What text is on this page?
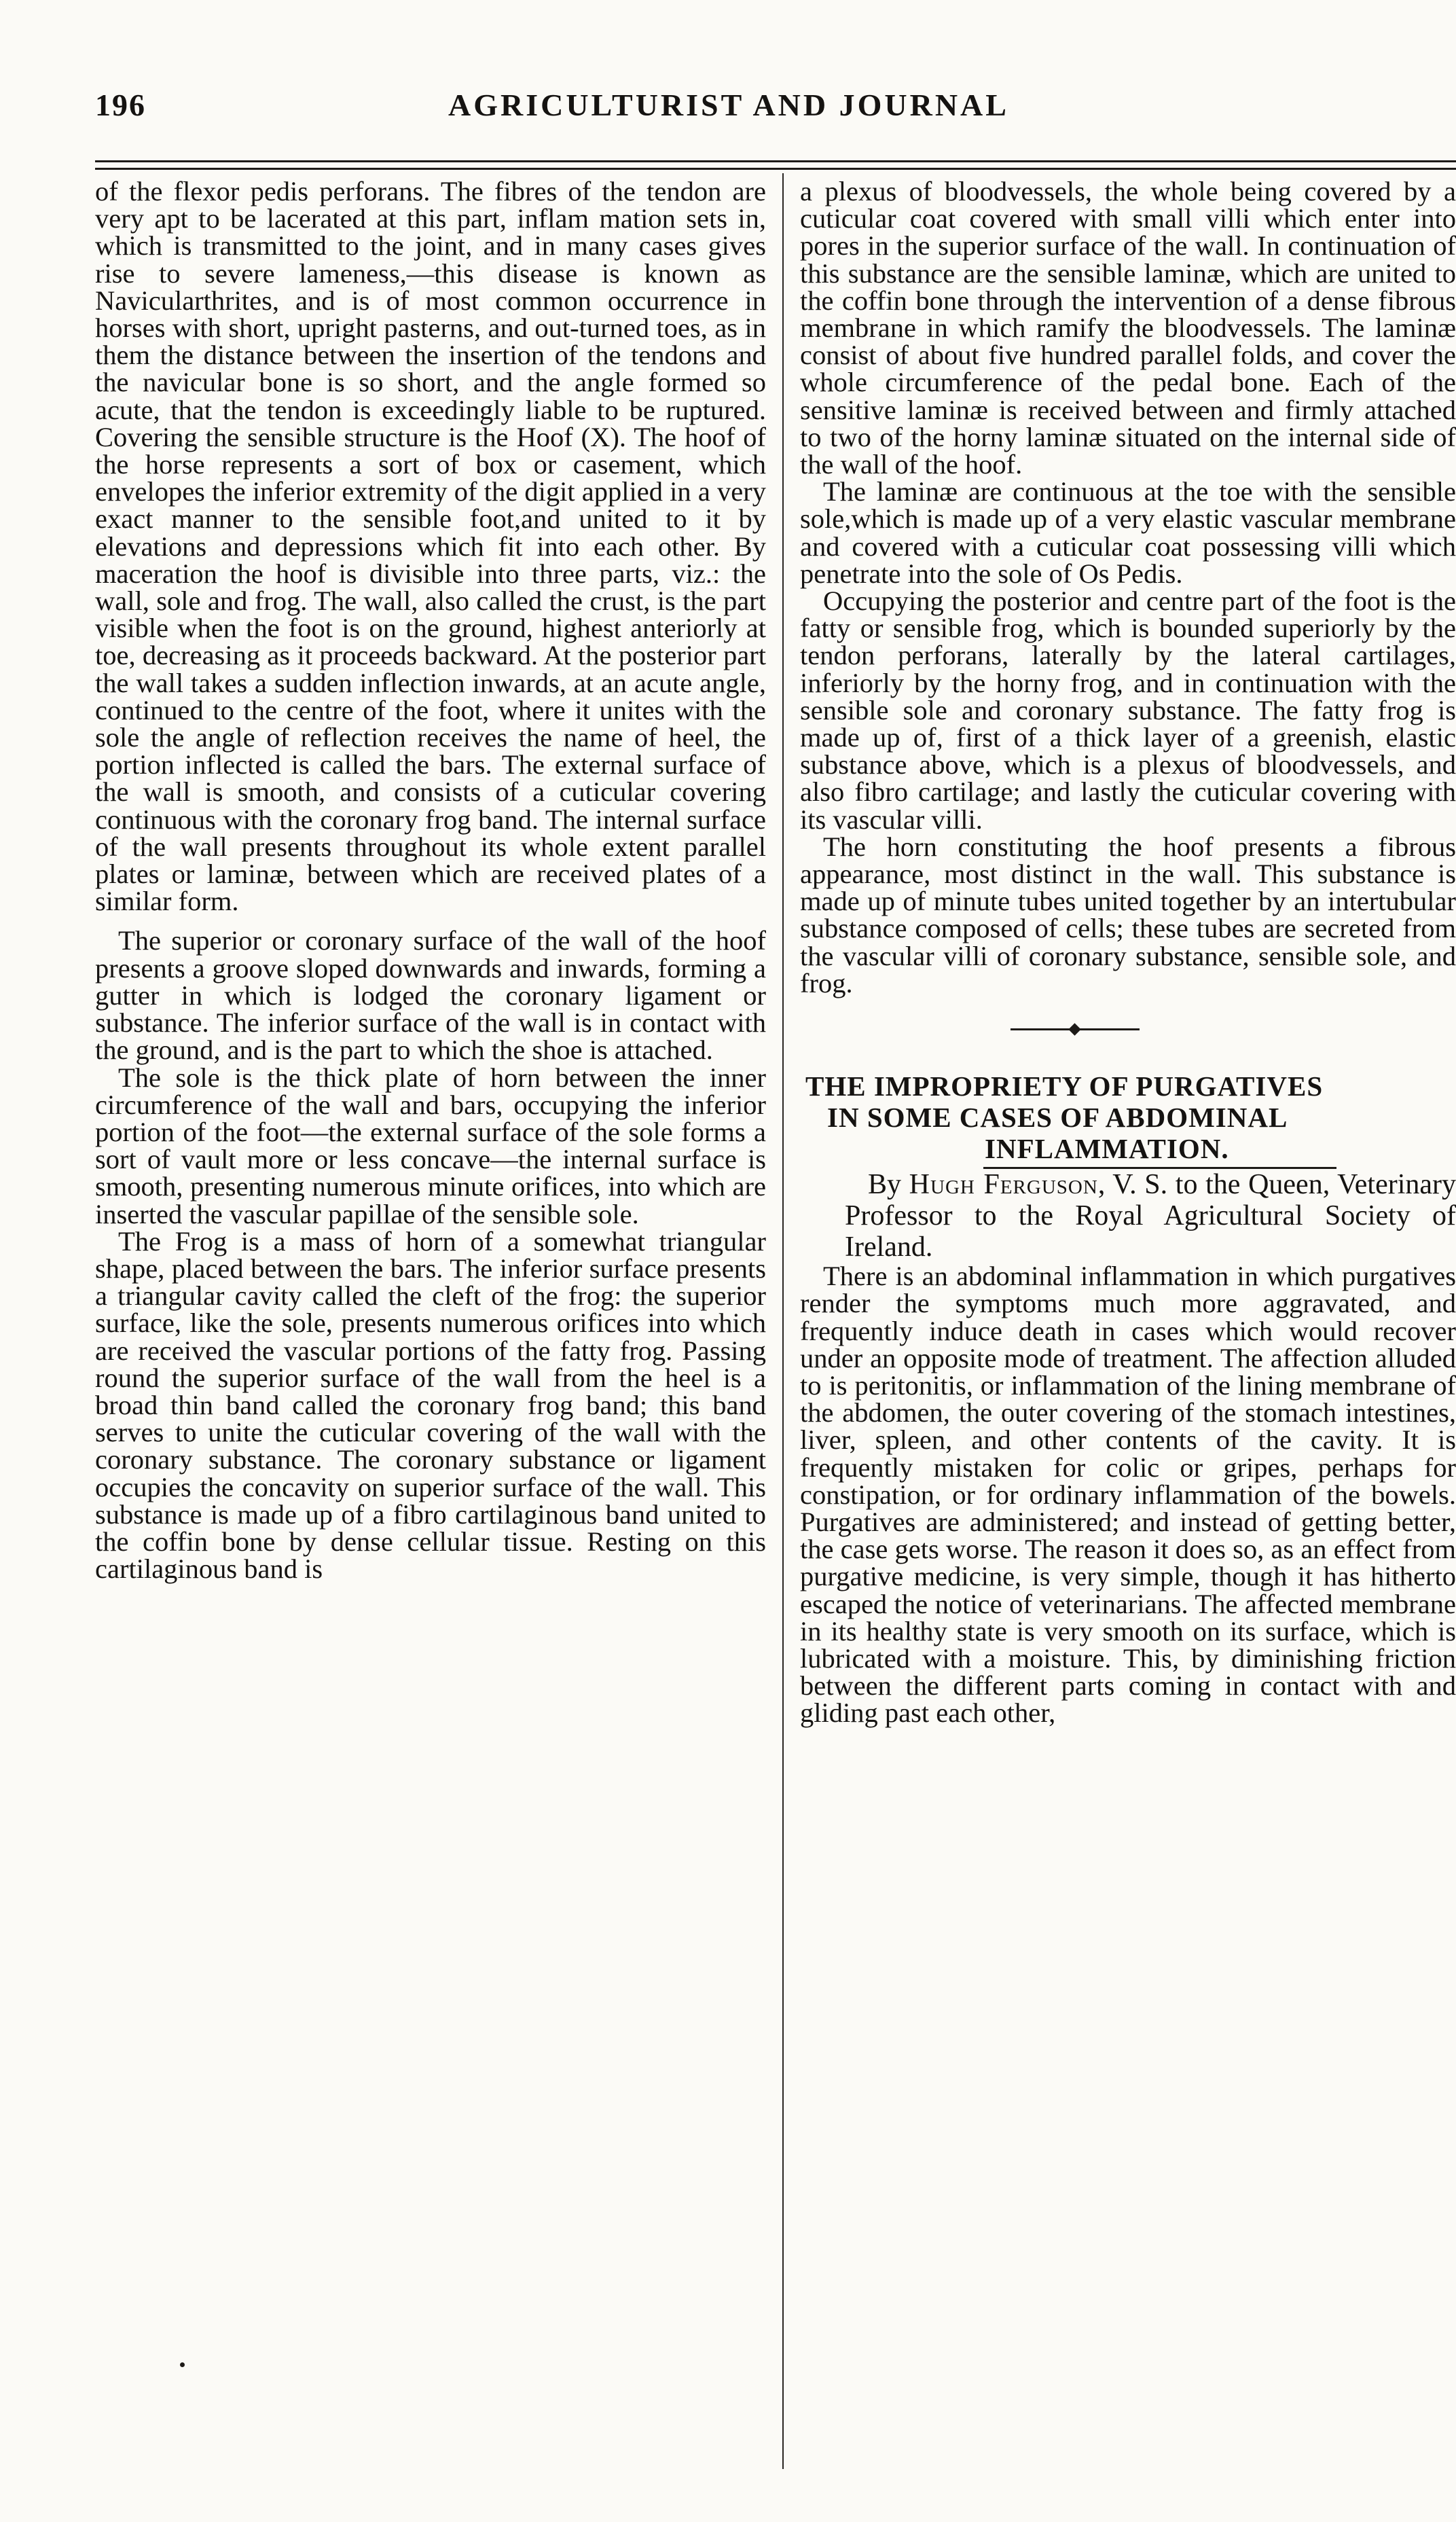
196	AGRICULTURIST AND JOURNAL

of the flexor pedis perforans. The fibres of the tendon are very apt to be lacerated at this part, inflam mation sets in, which is transmitted to the joint, and in many cases gives rise to severe lameness,—this disease is known as Navicularthrites, and is of most common occurrence in horses with short, upright pasterns, and out-turned toes, as in them the distance between the insertion of the tendons and the navicular bone is so short, and the angle formed so acute, that the tendon is exceedingly liable to be ruptured. Covering the sensible structure is the Hoof (X). The hoof of the horse represents a sort of box or casement, which envelopes the inferior extremity of the digit applied in a very exact manner to the sensible foot,and united to it by elevations and depressions which fit into each other. By maceration the hoof is divisible into three parts, viz.: the wall, sole and frog. The wall, also called the crust, is the part visible when the foot is on the ground, highest anteriorly at toe, decreasing as it proceeds backward. At the posterior part the wall takes a sudden inflection inwards, at an acute angle, continued to the centre of the foot, where it unites with the sole the angle of reflection receives the name of heel, the portion inflected is called the bars. The external surface of the wall is smooth, and consists of a cuticular covering continuous with the coronary frog band. The internal surface of the wall presents throughout its whole extent parallel plates or laminæ, between which are received plates of a similar form.

The superior or coronary surface of the wall of the hoof presents a groove sloped downwards and inwards, forming a gutter in which is lodged the coronary ligament or substance. The inferior surface of the wall is in contact with the ground, and is the part to which the shoe is attached.

The sole is the thick plate of horn between the inner circumference of the wall and bars, occupying the inferior portion of the foot—the external surface of the sole forms a sort of vault more or less concave—the internal surface is smooth, presenting numerous minute orifices, into which are inserted the vascular papillae of the sensible sole.

The Frog is a mass of horn of a somewhat triangular shape, placed between the bars. The inferior surface presents a triangular cavity called the cleft of the frog: the superior surface, like the sole, presents numerous orifices into which are received the vascular portions of the fatty frog. Passing round the superior surface of the wall from the heel is a broad thin band called the coronary frog band; this band serves to unite the cuticular covering of the wall with the coronary substance. The coronary substance or ligament occupies the concavity on superior surface of the wall. This substance is made up of a fibro cartilaginous band united to the coffin bone by dense cellular tissue. Resting on this cartilaginous band is

a plexus of bloodvessels, the whole being covered by a cuticular coat covered with small villi which enter into pores in the superior surface of the wall. In continuation of this substance are the sensible laminæ, which are united to the coffin bone through the intervention of a dense fibrous membrane in which ramify the bloodvessels. The laminæ consist of about five hundred parallel folds, and cover the whole circumference of the pedal bone. Each of the sensitive laminæ is received between and firmly attached to two of the horny laminæ situated on the internal side of the wall of the hoof.

The laminæ are continuous at the toe with the sensible sole,which is made up of a very elastic vascular membrane and covered with a cuticular coat possessing villi which penetrate into the sole of Os Pedis.

Occupying the posterior and centre part of the foot is the fatty or sensible frog, which is bounded superiorly by the tendon perforans, laterally by the lateral cartilages, inferiorly by the horny frog, and in continuation with the sensible sole and coronary substance. The fatty frog is made up of, first of a thick layer of a greenish, elastic substance above, which is a plexus of bloodvessels, and also fibro cartilage; and lastly the cuticular covering with its vascular villi.

The horn constituting the hoof presents a fibrous appearance, most distinct in the wall. This substance is made up of minute tubes united together by an intertubular substance composed of cells; these tubes are secreted from the vascular villi of coronary substance, sensible sole, and frog.

THE IMPROPRIETY OF PURGATIVES
IN SOME CASES OF ABDOMINAL
INFLAMMATION.

By Hugh Ferguson, V. S. to the Queen, Veterinary Professor to the Royal Agricultural Society of Ireland.

There is an abdominal inflammation in which purgatives render the symptoms much more aggravated, and frequently induce death in cases which would recover under an opposite mode of treatment. The affection alluded to is peritonitis, or inflammation of the lining membrane of the abdomen, the outer covering of the stomach intestines, liver, spleen, and other contents of the cavity. It is frequently mistaken for colic or gripes, perhaps for constipation, or for ordinary inflammation of the bowels. Purgatives are administered; and instead of getting better, the case gets worse. The reason it does so, as an effect from purgative medicine, is very simple, though it has hitherto escaped the notice of veterinarians. The affected membrane in its healthy state is very smooth on its surface, which is lubricated with a moisture. This, by diminishing friction between the different parts coming in contact with and gliding past each other,
